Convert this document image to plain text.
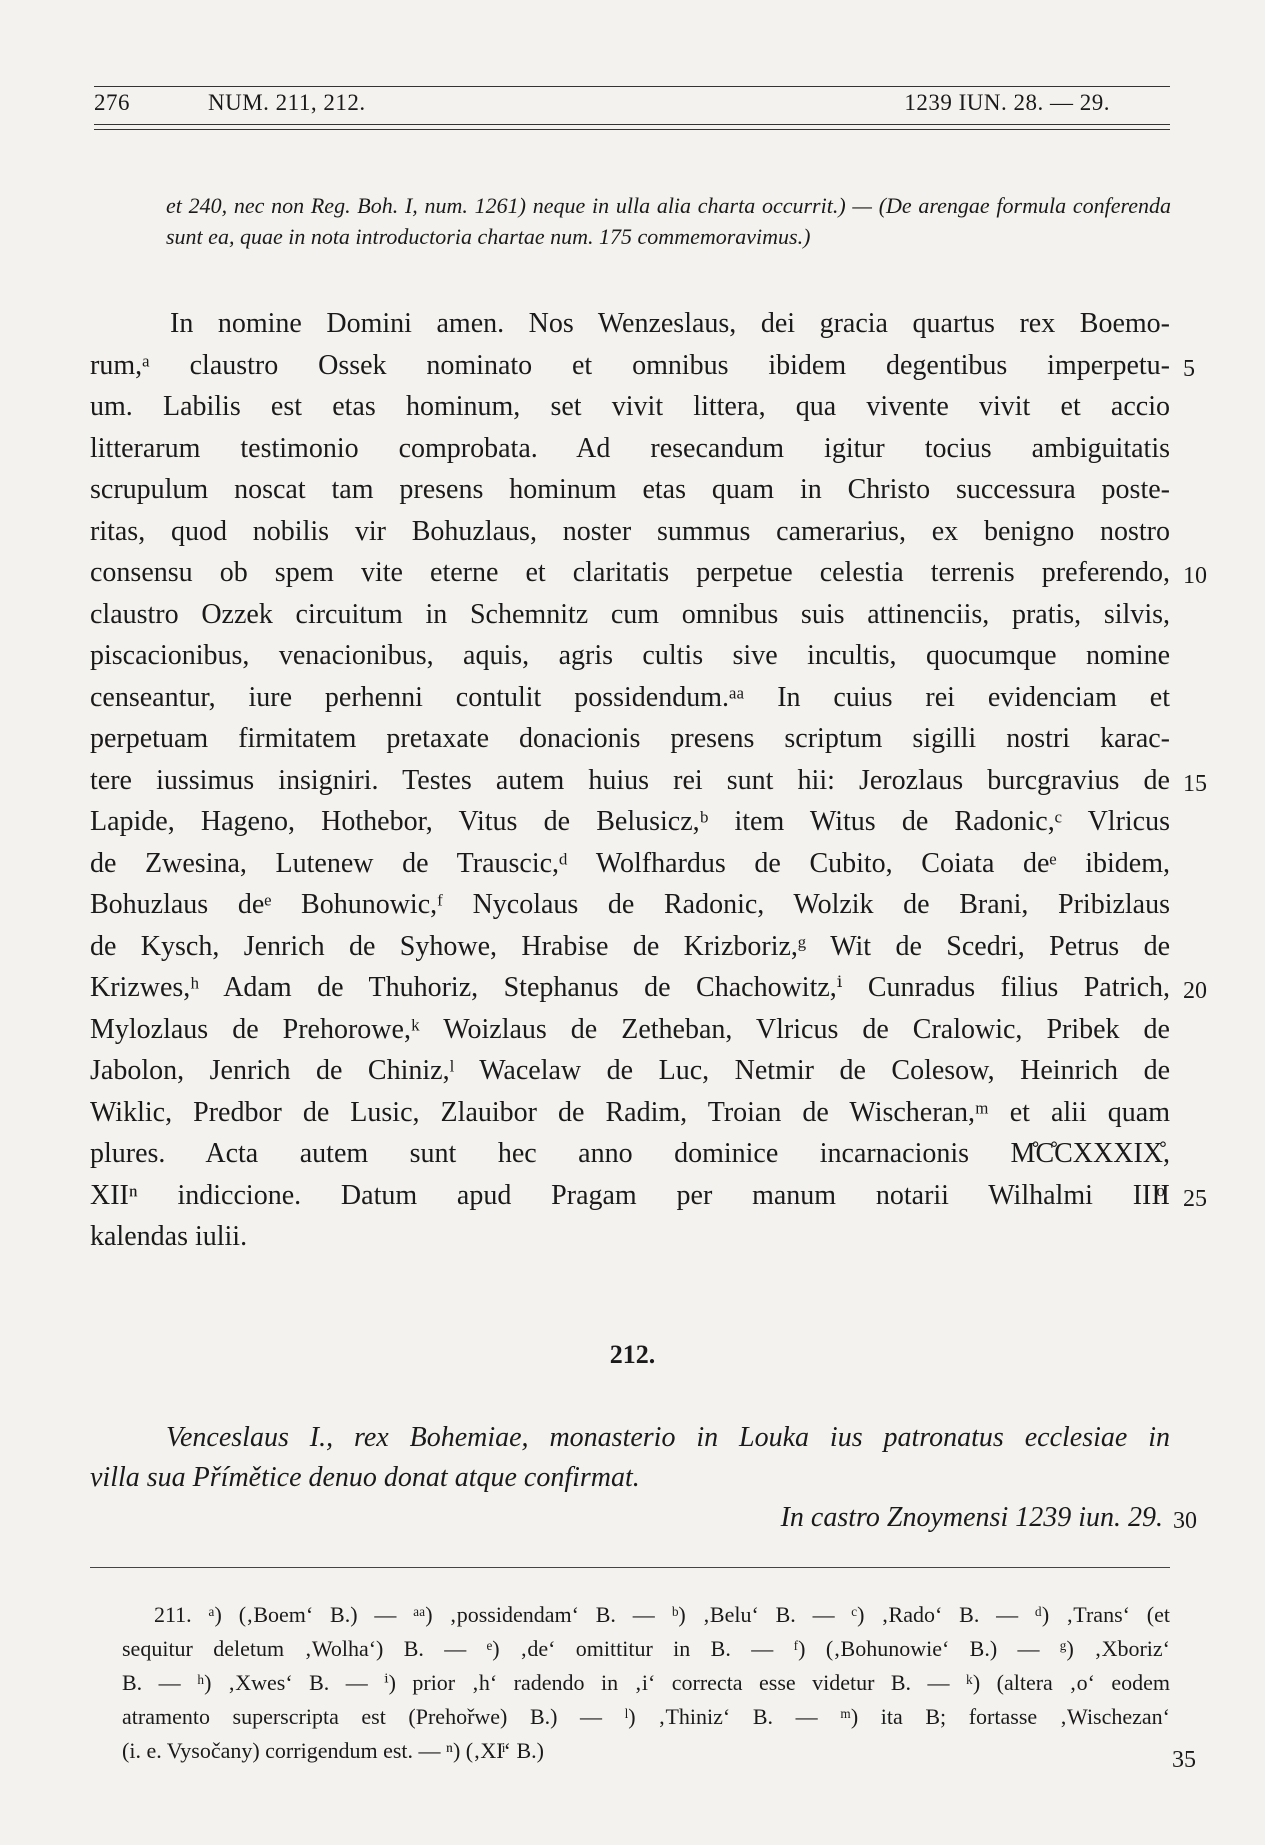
276	NUM. 211, 212.	1239 IUN. 28. — 29.
et 240, nec non Reg. Boh. I, num. 1261) neque in ulla alia charta occurrit.) — (De arengae formula conferenda sunt ea, quae in nota introductoria chartae num. 175 commemoravimus.)
In nomine Domini amen. Nos Wenzeslaus, dei gracia quartus rex Boemo-
rum,ᵃ claustro Ossek nominato et omnibus ibidem degentibus imperpetu- 5
um. Labilis est etas hominum, set vivit littera, qua vivente vivit et accio
litterarum testimonio comprobata. Ad resecandum igitur tocius ambiguitatis
scrupulum noscat tam presens hominum etas quam in Christo successura poste-
ritas, quod nobilis vir Bohuzlaus, noster summus camerarius, ex benigno nostro
consensu ob spem vite eterne et claritatis perpetue celestia terrenis preferendo, 10
claustro Ozzek circuitum in Schemnitz cum omnibus suis attinenciis, pratis, silvis,
piscacionibus, venacionibus, aquis, agris cultis sive incultis, quocumque nomine
censeantur, iure perhenni contulit possidendum.ᵃᵃ In cuius rei evidenciam et
perpetuam firmitatem pretaxate donacionis presens scriptum sigilli nostri karac-
tere iussimus insigniri. Testes autem huius rei sunt hii: Jerozlaus burcgravius de 15
Lapide, Hageno, Hothebor, Vitus de Belusicz,ᵇ item Witus de Radonic,ᶜ Vlricus
de Zwesina, Lutenew de Trauscic,ᵈ Wolfhardus de Cubito, Coiata deᵉ ibidem,
Bohuzlaus deᵉ Bohunowic,ᶠ Nycolaus de Radonic, Wolzik de Brani, Pribizlaus
de Kysch, Jenrich de Syhowe, Hrabise de Krizboriz,ᵍ Wit de Scedri, Petrus de
Krizwes,ʰ Adam de Thuhoriz, Stephanus de Chachowitz,ⁱ Cunradus filius Patrich, 20
Mylozlaus de Prehorowe,ᵏ Woizlaus de Zetheban, Vlricus de Cralowic, Pribek de
Jabolon, Jenrich de Chiniz,ˡ Wacelaw de Luc, Netmir de Colesow, Heinrich de
Wiklic, Predbor de Lusic, Zlauibor de Radim, Troian de Wischeran,ᵐ et alii quam
plures. Acta autem sunt hec anno dominice incarnacionis M̊C̊CXXXIX̊,
XIIⁿ indiccione. Datum apud Pragam per manum notarii Wilhalmi IIIͦI 25
kalendas iulii.
212.
Venceslaus I., rex Bohemiae, monasterio in Louka ius patronatus ecclesiae in
villa sua Přímětice denuo donat atque confirmat.
In castro Znoymensi 1239 iun. 29. 30
211. ᵃ) (‚Boem‘ B.) — ᵃᵃ) ‚possidendam‘ B. — ᵇ) ‚Belu‘ B. — ᶜ) ‚Rado‘ B. — ᵈ) ‚Trans‘ (et
sequitur deletum ‚Wolha‘) B. — ᵉ) ‚de‘ omittitur in B. — ᶠ) (‚Bohunowie‘ B.) — ᵍ) ‚Xboriz‘
B. — ʰ) ‚Xwes‘ B. — ⁱ) prior ‚h‘ radendo in ‚i‘ correcta esse videtur B. — ᵏ) (altera ‚o‘ eodem
atramento superscripta est (Prehořwe) B.) — ˡ) ‚Thiniz‘ B. — ᵐ) ita B; fortasse ‚Wischezan‘
(i. e. Vysočany) corrigendum est. — ⁿ) (‚XIͥ‘ B.)	35
